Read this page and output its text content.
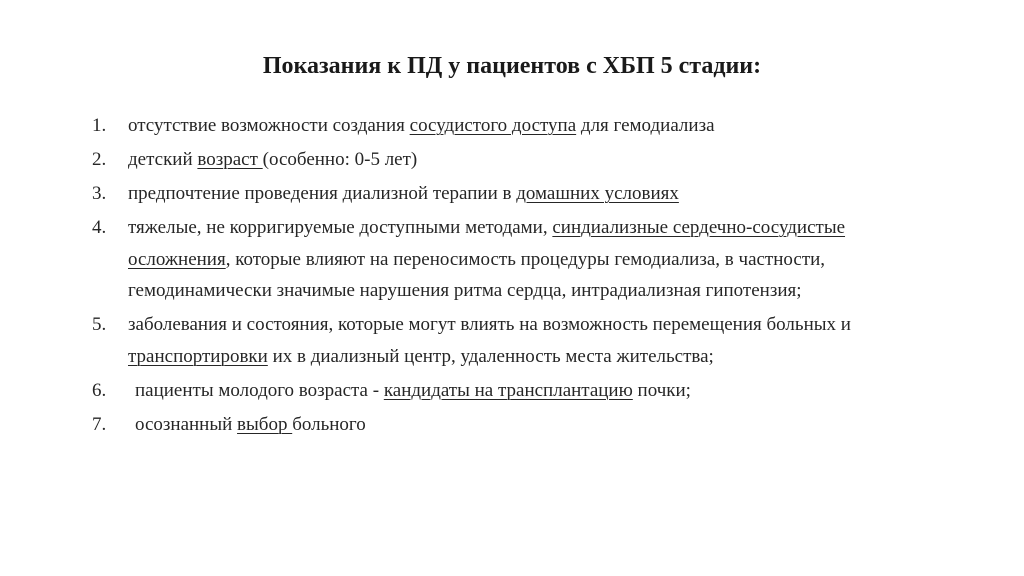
Показания к ПД у пациентов с ХБП 5 стадии:
1.	отсутствие возможности создания сосудистого доступа для гемодиализа
2.	детский возраст (особенно: 0-5 лет)
3.	предпочтение проведения диализной терапии в домашних условиях
4.	тяжелые, не корригируемые доступными методами, синдиализные сердечно-сосудистые осложнения, которые влияют на переносимость процедуры гемодиализа, в частности, гемодинамически значимые нарушения ритма сердца, интрадиализная гипотензия;
5.	заболевания и состояния, которые могут влиять на возможность перемещения больных и транспортировки их в диализный центр, удаленность места жительства;
6.	пациенты молодого возраста - кандидаты на трансплантацию почки;
7.	осознанный выбор больного
